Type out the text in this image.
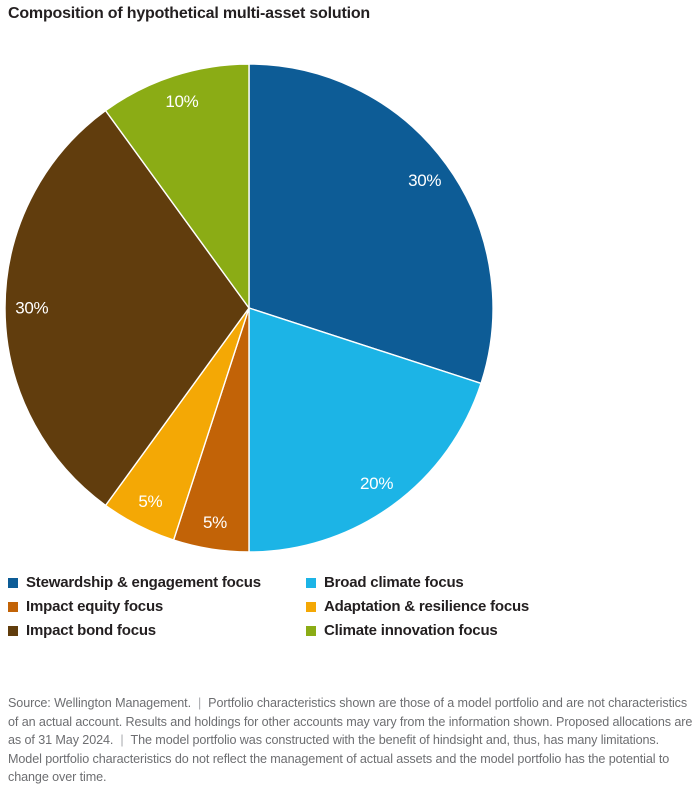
Composition of hypothetical multi-asset solution
30%
20%
5%
5%
30%
10%
Stewardship & engagement focus	Broad climate focus
Impact equity focus	Adaptation & resilience focus
Impact bond focus	Climate innovation focus

Source: Wellington Management. | Portfolio characteristics shown are those of a model portfolio and are not characteristics of an actual account. Results and holdings for other accounts may vary from the information shown. Proposed allocations are as of 31 May 2024. | The model portfolio was constructed with the benefit of hindsight and, thus, has many limitations. Model portfolio characteristics do not reflect the management of actual assets and the model portfolio has the potential to change over time.
